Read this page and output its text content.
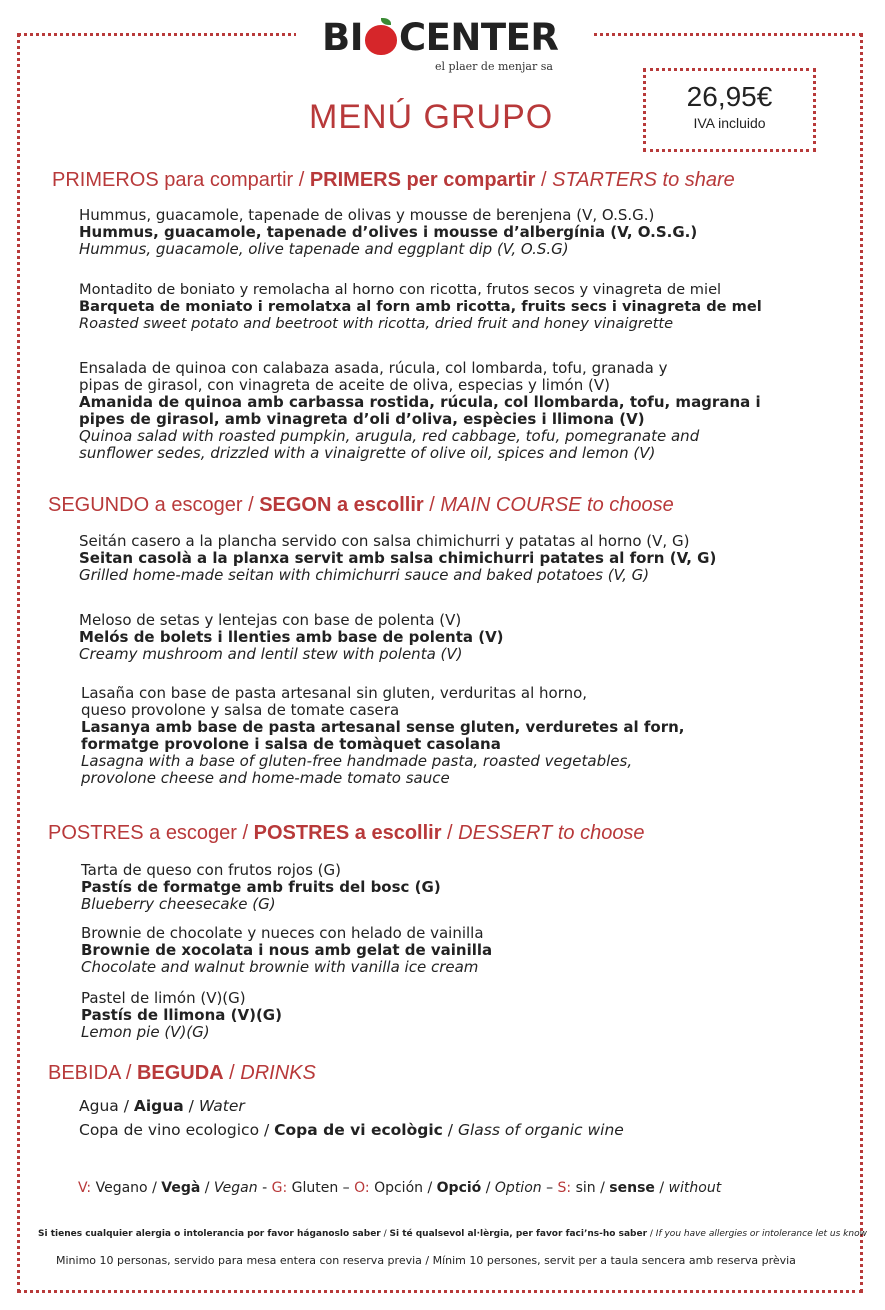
BI CENTER
el plaer de menjar sa
MENÚ GRUPO
26,95€
IVA incluido
PRIMEROS para compartir / PRIMERS per compartir / STARTERS to share
Hummus, guacamole, tapenade de olivas y mousse de berenjena (V, O.S.G.)
Hummus, guacamole, tapenade d’olives i mousse d’albergínia (V, O.S.G.)
Hummus, guacamole, olive tapenade and eggplant dip (V, O.S.G)
Montadito de boniato y remolacha al horno con ricotta, frutos secos y vinagreta de miel
Barqueta de moniato i remolatxa al forn amb ricotta, fruits secs i vinagreta de mel
Roasted sweet potato and beetroot with ricotta, dried fruit and honey vinaigrette
Ensalada de quinoa con calabaza asada, rúcula, col lombarda, tofu, granada y
pipas de girasol, con vinagreta de aceite de oliva, especias y limón (V)
Amanida de quinoa amb carbassa rostida, rúcula, col llombarda, tofu, magrana i
pipes de girasol, amb vinagreta d’oli d’oliva, espècies i llimona (V)
Quinoa salad with roasted pumpkin, arugula, red cabbage, tofu, pomegranate and
sunflower sedes, drizzled with a vinaigrette of olive oil, spices and lemon (V)
SEGUNDO a escoger / SEGON a escollir / MAIN COURSE to choose
Seitán casero a la plancha servido con salsa chimichurri y patatas al horno (V, G)
Seitan casolà a la planxa servit amb salsa chimichurri patates al forn (V, G)
Grilled home-made seitan with chimichurri sauce and baked potatoes (V, G)
Meloso de setas y lentejas con base de polenta (V)
Melós de bolets i llenties amb base de polenta (V)
Creamy mushroom and lentil stew with polenta (V)
Lasaña con base de pasta artesanal sin gluten, verduritas al horno,
queso provolone y salsa de tomate casera
Lasanya amb base de pasta artesanal sense gluten, verduretes al forn,
formatge provolone i salsa de tomàquet casolana
Lasagna with a base of gluten-free handmade pasta, roasted vegetables,
provolone cheese and home-made tomato sauce
POSTRES a escoger / POSTRES a escollir / DESSERT to choose
Tarta de queso con frutos rojos (G)
Pastís de formatge amb fruits del bosc (G)
Blueberry cheesecake (G)
Brownie de chocolate y nueces con helado de vainilla
Brownie de xocolata i nous amb gelat de vainilla
Chocolate and walnut brownie with vanilla ice cream
Pastel de limón (V)(G)
Pastís de llimona (V)(G)
Lemon pie (V)(G)
BEBIDA / BEGUDA / DRINKS
Agua / Aigua / Water
Copa de vino ecologico / Copa de vi ecològic / Glass of organic wine
V: Vegano / Vegà / Vegan - G: Gluten – O: Opción / Opció / Option – S: sin / sense / without
Si tienes cualquier alergia o intolerancia por favor háganoslo saber / Si té qualsevol al·lèrgia, per favor faci’ns-ho saber / If you have allergies or intolerance let us know
Minimo 10 personas, servido para mesa entera con reserva previa / Mínim 10 persones, servit per a taula sencera amb reserva prèvia
